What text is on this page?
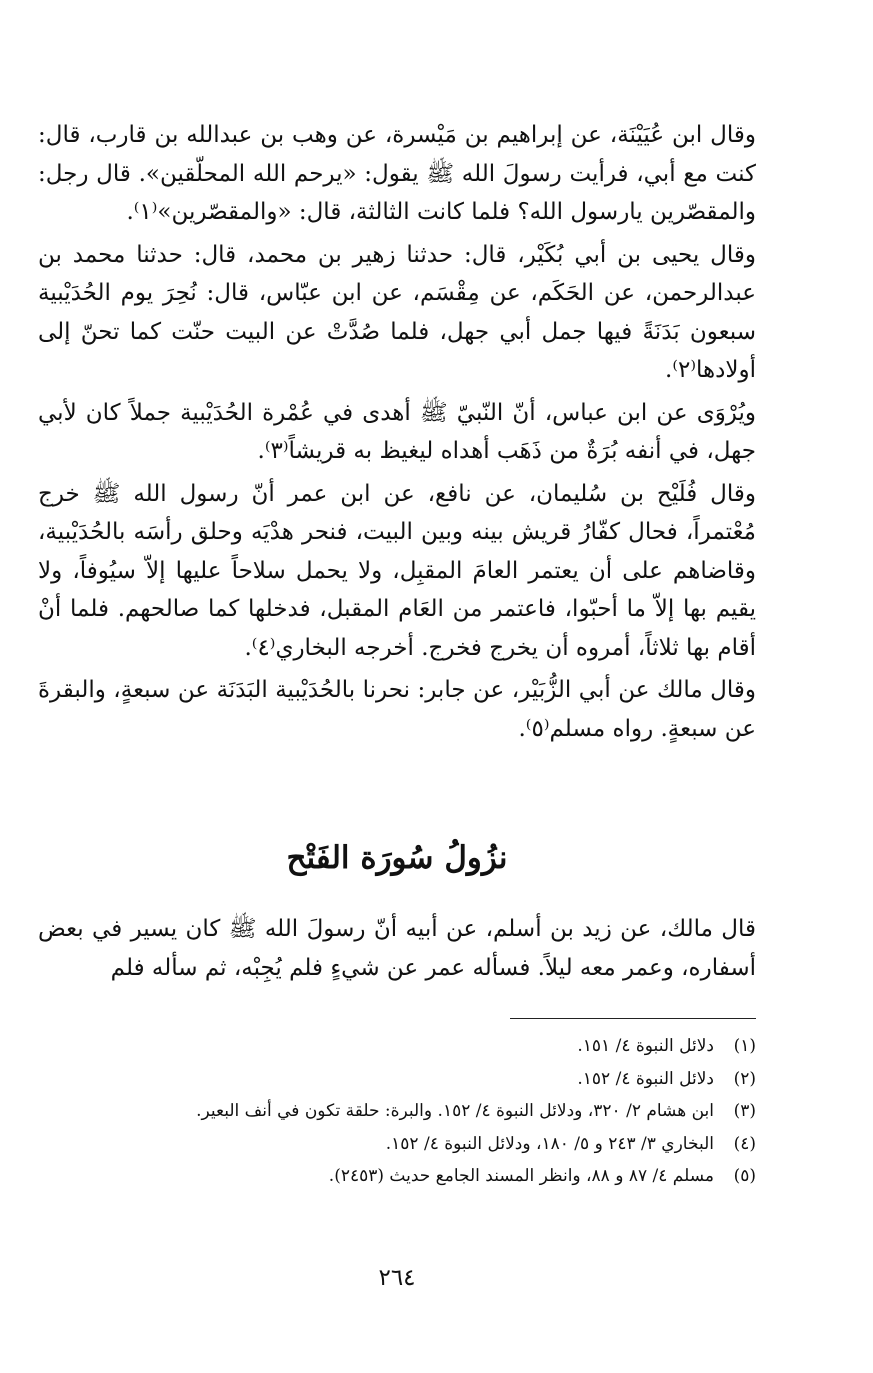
وقال ابن عُيَيْنَة، عن إبراهيم بن مَيْسرة، عن وهب بن عبدالله بن قارب، قال: كنت مع أبي، فرأيت رسولَ الله ﷺ يقول: «يرحم الله المحلّقين». قال رجل: والمقصّرين يارسول الله؟ فلما كانت الثالثة، قال: «والمقصّرين»⁽١⁾.

وقال يحيى بن أبي بُكَيْر، قال: حدثنا زهير بن محمد، قال: حدثنا محمد بن عبدالرحمن، عن الحَكَم، عن مِقْسَم، عن ابن عبّاس، قال: نُحِرَ يوم الحُدَيْبية سبعون بَدَنَةً فيها جمل أبي جهل، فلما صُدَّتْ عن البيت حنّت كما تحنّ إلى أولادها⁽٢⁾.

ويُرْوَى عن ابن عباس، أنّ النّبيّ ﷺ أهدى في عُمْرة الحُدَيْبية جملاً كان لأبي جهل، في أنفه بُرَةٌ من ذَهَب أهداه ليغيظ به قريشاً⁽٣⁾.

وقال فُلَيْح بن سُليمان، عن نافع، عن ابن عمر أنّ رسول الله ﷺ خرج مُعْتمراً، فحال كفّارُ قريش بينه وبين البيت، فنحر هدْيَه وحلق رأسَه بالحُدَيْبية، وقاضاهم على أن يعتمر العامَ المقبِل، ولا يحمل سلاحاً عليها إلاّ سيُوفاً، ولا يقيم بها إلاّ ما أحبّوا، فاعتمر من العَام المقبل، فدخلها كما صالحهم. فلما أنْ أقام بها ثلاثاً، أمروه أن يخرج فخرج. أخرجه البخاري⁽٤⁾.

وقال مالك عن أبي الزُّبَيْر، عن جابر: نحرنا بالحُدَيْبية البَدَنَة عن سبعةٍ، والبقرةَ عن سبعةٍ. رواه مسلم⁽٥⁾.

نزُولُ سُورَة الفَتْح

قال مالك، عن زيد بن أسلم، عن أبيه أنّ رسولَ الله ﷺ كان يسير في بعض أسفاره، وعمر معه ليلاً. فسأله عمر عن شيءٍ فلم يُجِبْه، ثم سأله فلم

(١)
دلائل النبوة ٤/ ١٥١.
(٢)
دلائل النبوة ٤/ ١٥٢.
(٣)
ابن هشام ٢/ ٣٢٠، ودلائل النبوة ٤/ ١٥٢. والبرة: حلقة تكون في أنف البعير.
(٤)
البخاري ٣/ ٢٤٣ و ٥/ ١٨٠، ودلائل النبوة ٤/ ١٥٢.
(٥)
مسلم ٤/ ٨٧ و ٨٨، وانظر المسند الجامع حديث (٢٤٥٣).
٢٦٤
